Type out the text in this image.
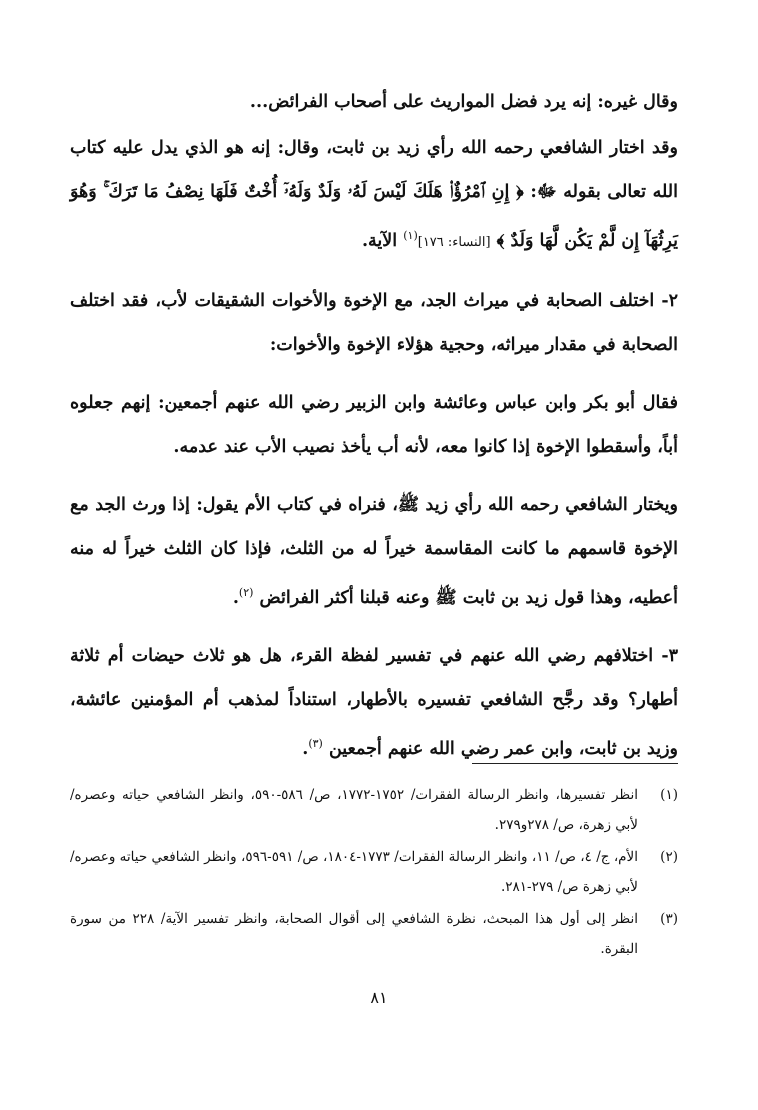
وقال غيره: إنه يرد فضل المواريث على أصحاب الفرائض...

وقد اختار الشافعي رحمه الله رأي زيد بن ثابت، وقال: إنه هو الذي يدل عليه كتاب الله تعالى بقوله ﷻ: ﴿ إِنِ ٱمْرُؤٌا۟ هَلَكَ لَيْسَ لَهُۥ وَلَدٌ وَلَهُۥٓ أُخْتٌ فَلَهَا نِصْفُ مَا تَرَكَ ۚ وَهُوَ يَرِثُهَآ إِن لَّمْ يَكُن لَّهَا وَلَدٌ ﴾ [النساء: ١٧٦]$^{(١)}$ الآية.

٢- اختلف الصحابة في ميراث الجد، مع الإخوة والأخوات الشقيقات لأب، فقد اختلف الصحابة في مقدار ميراثه، وحجية هؤلاء الإخوة والأخوات:

فقال أبو بكر وابن عباس وعائشة وابن الزبير رضي الله عنهم أجمعين: إنهم جعلوه أباً، وأسقطوا الإخوة إذا كانوا معه، لأنه أب يأخذ نصيب الأب عند عدمه.

ويختار الشافعي رحمه الله رأي زيد ﷺ، فنراه في كتاب الأم يقول: إذا ورث الجد مع الإخوة قاسمهم ما كانت المقاسمة خيراً له من الثلث، فإذا كان الثلث خيراً له منه أعطيه، وهذا قول زيد بن ثابت ﷺ وعنه قبلنا أكثر الفرائض $^{(٢)}$.

٣- اختلافهم رضي الله عنهم في تفسير لفظة القرء، هل هو ثلاث حيضات أم ثلاثة أطهار؟ وقد رجَّح الشافعي تفسيره بالأطهار، استناداً لمذهب أم المؤمنين عائشة، وزيد بن ثابت، وابن عمر رضي الله عنهم أجمعين $^{(٣)}$.

(١)
انظر تفسيرها، وانظر الرسالة الفقرات/ ١٧٥٢-١٧٧٢، ص/ ٥٨٦-٥٩٠، وانظر الشافعي حياته وعصره/ لأبي زهرة، ص/ ٢٧٨و٢٧٩.
(٢)
الأم، ج/ ٤، ص/ ١١، وانظر الرسالة الفقرات/ ١٧٧٣-١٨٠٤، ص/ ٥٩١-٥٩٦، وانظر الشافعي حياته وعصره/ لأبي زهرة ص/ ٢٧٩-٢٨١.
(٣)
انظر إلى أول هذا المبحث، نظرة الشافعي إلى أقوال الصحابة، وانظر تفسير الآية/ ٢٢٨ من سورة البقرة.
٨١
